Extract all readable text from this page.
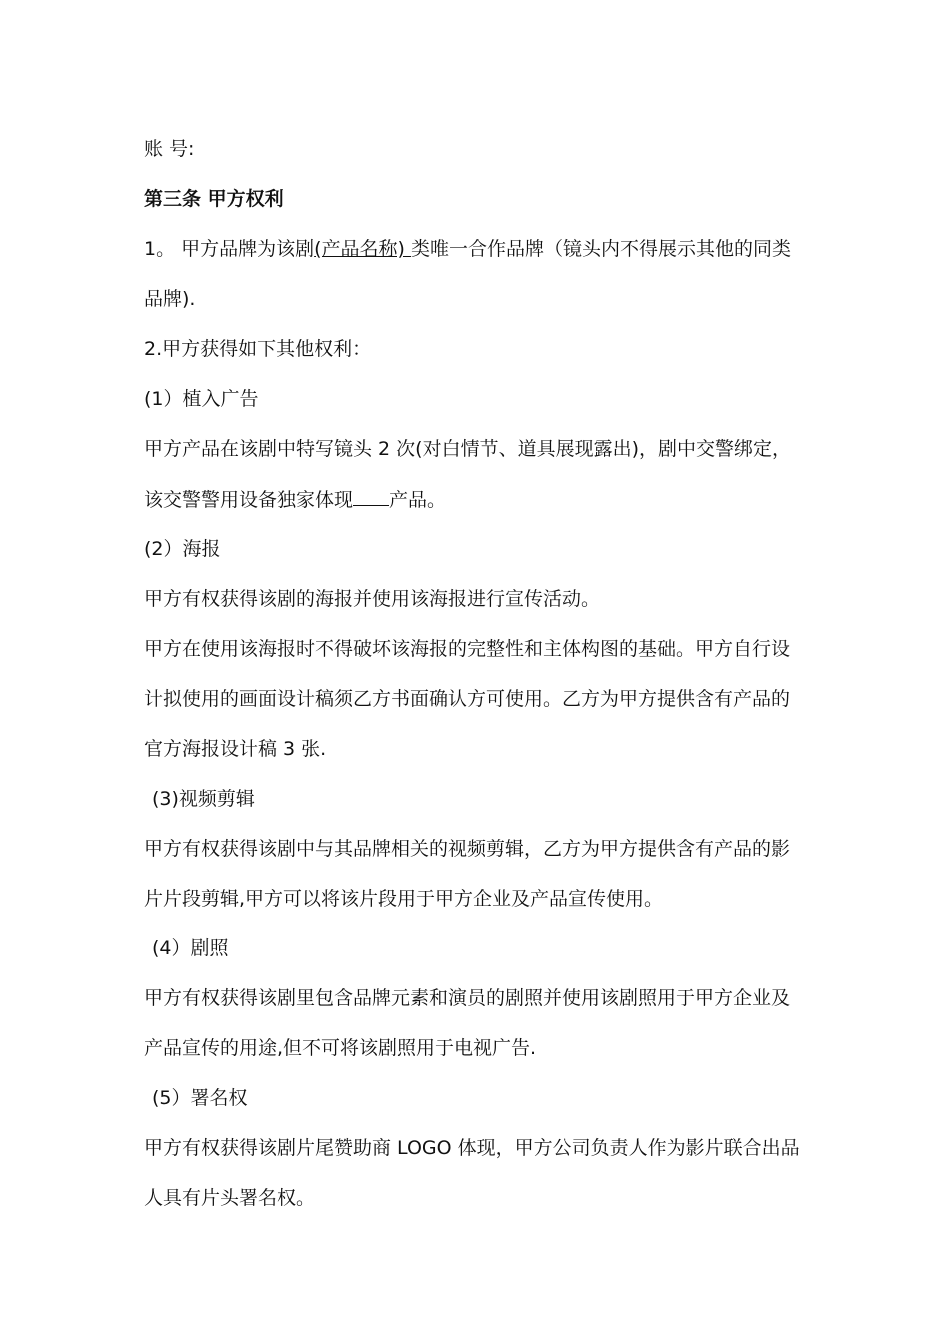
账 号:
第三条 甲方权利
1。 甲方品牌为该剧(产品名称) 类唯一合作品牌（镜头内不得展示其他的同类
品牌).
2.甲方获得如下其他权利：
(1）植入广告
甲方产品在该剧中特写镜头 2 次(对白情节、道具展现露出)，剧中交警绑定，
该交警警用设备独家体现 产品。
(2）海报
甲方有权获得该剧的海报并使用该海报进行宣传活动。
甲方在使用该海报时不得破坏该海报的完整性和主体构图的基础。甲方自行设
计拟使用的画面设计稿须乙方书面确认方可使用。乙方为甲方提供含有产品的
官方海报设计稿 3 张.
(3)视频剪辑
甲方有权获得该剧中与其品牌相关的视频剪辑，乙方为甲方提供含有产品的影
片片段剪辑,甲方可以将该片段用于甲方企业及产品宣传使用。
(4）剧照
甲方有权获得该剧里包含品牌元素和演员的剧照并使用该剧照用于甲方企业及
产品宣传的用途,但不可将该剧照用于电视广告.
(5）署名权
甲方有权获得该剧片尾赞助商 LOGO 体现，甲方公司负责人作为影片联合出品
人具有片头署名权。
